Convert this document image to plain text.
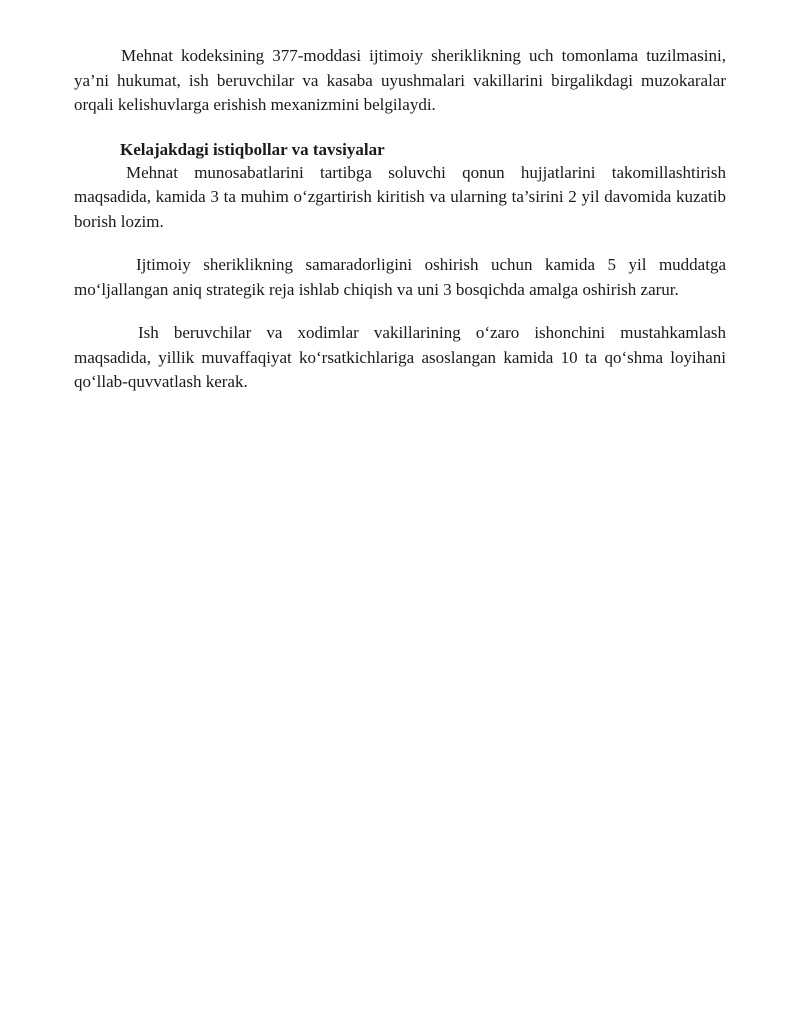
Mehnat kodeksining 377-moddasi ijtimoiy sheriklikning uch tomonlama tuzilmasini, ya’ni hukumat, ish beruvchilar va kasaba uyushmalari vakillarini birgalikdagi muzokaralar orqali kelishuvlarga erishish mexanizmini belgilaydi.

Kelajakdagi istiqbollar va tavsiyalar

Mehnat munosabatlarini tartibga soluvchi qonun hujjatlarini takomillashtirish maqsadida, kamida 3 ta muhim o‘zgartirish kiritish va ularning ta’sirini 2 yil davomida kuzatib borish lozim.

Ijtimoiy sheriklikning samaradorligini oshirish uchun kamida 5 yil muddatga mo‘ljallangan aniq strategik reja ishlab chiqish va uni 3 bosqichda amalga oshirish zarur.

Ish beruvchilar va xodimlar vakillarining o‘zaro ishonchini mustahkamlash maqsadida, yillik muvaffaqiyat ko‘rsatkichlariga asoslangan kamida 10 ta qo‘shma loyihani qo‘llab-quvvatlash kerak.
